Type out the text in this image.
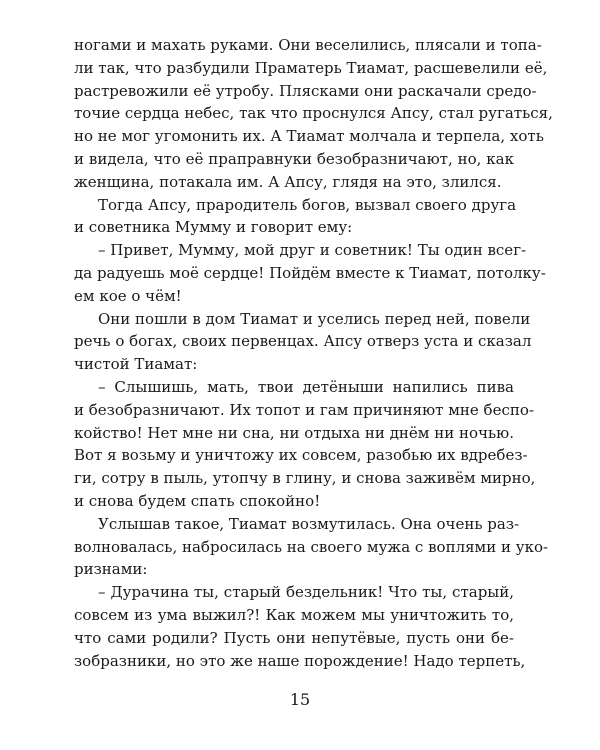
ногами и махать руками. Они веселились, плясали и топа-
ли так, что разбудили Праматерь Тиамат, расшевелили её,
растревожили её утробу. Плясками они раскачали средо-
точие сердца небес, так что проснулся Апсу, стал ругаться,
но не мог угомонить их. А Тиамат молчала и терпела, хоть
и видела, что её праправнуки безобразничают, но, как
женщина, потакала им. А Апсу, глядя на это, злился.
Тогда Апсу, прародитель богов, вызвал своего друга
и советника Мумму и говорит ему:
– Привет, Мумму, мой друг и советник! Ты один всег-
да радуешь моё сердце! Пойдём вместе к Тиамат, потолку-
ем кое о чём!
Они пошли в дом Тиамат и уселись перед ней, повели
речь о богах, своих первенцах. Апсу отверз уста и сказал
чистой Тиамат:
– Слышишь, мать, твои детёныши напились пива
и безобразничают. Их топот и гам причиняют мне беспо-
койство! Нет мне ни сна, ни отдыха ни днём ни ночью.
Вот я возьму и уничтожу их совсем, разобью их вдребез-
ги, сотру в пыль, утопчу в глину, и снова заживём мирно,
и снова будем спать спокойно!
Услышав такое, Тиамат возмутилась. Она очень раз-
волновалась, набросилась на своего мужа с воплями и уко-
ризнами:
– Дурачина ты, старый бездельник! Что ты, старый,
совсем из ума выжил?! Как можем мы уничтожить то,
что сами родили? Пусть они непутёвые, пусть они бе-
зобразники, но это же наше порождение! Надо терпеть,
15
